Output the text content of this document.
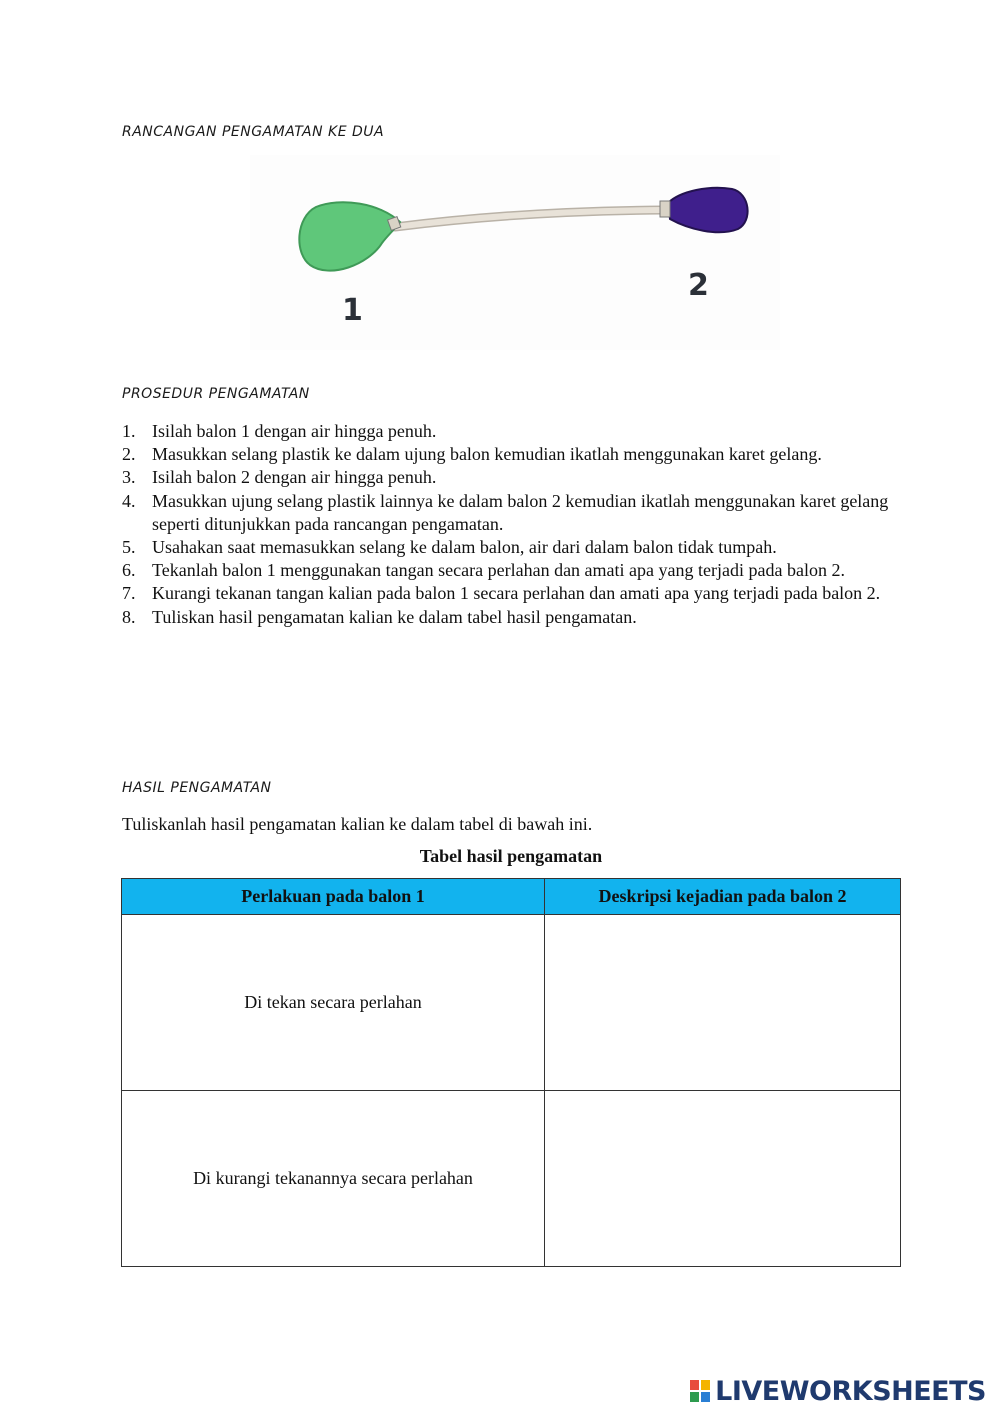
RANCANGAN PENGAMATAN KE DUA
1
2
PROSEDUR PENGAMATAN
1. Isilah balon 1 dengan air hingga penuh.
2. Masukkan selang plastik ke dalam ujung balon kemudian ikatlah menggunakan karet gelang.
3. Isilah balon 2 dengan air hingga penuh.
4. Masukkan ujung selang plastik lainnya ke dalam balon 2 kemudian ikatlah menggunakan karet gelang seperti ditunjukkan pada rancangan pengamatan.
5. Usahakan saat memasukkan selang ke dalam balon, air dari dalam balon tidak tumpah.
6. Tekanlah balon 1 menggunakan tangan secara perlahan dan amati apa yang terjadi pada balon 2.
7. Kurangi tekanan tangan kalian pada balon 1 secara perlahan dan amati apa yang terjadi pada balon 2.
8. Tuliskan hasil pengamatan kalian ke dalam tabel hasil pengamatan.
HASIL PENGAMATAN
Tuliskanlah hasil pengamatan kalian ke dalam tabel di bawah ini.
Tabel hasil pengamatan
Perlakuan pada balon 1	Deskripsi kejadian pada balon 2
Di tekan secara perlahan	
Di kurangi tekanannya secara perlahan	
LIVEWORKSHEETS
